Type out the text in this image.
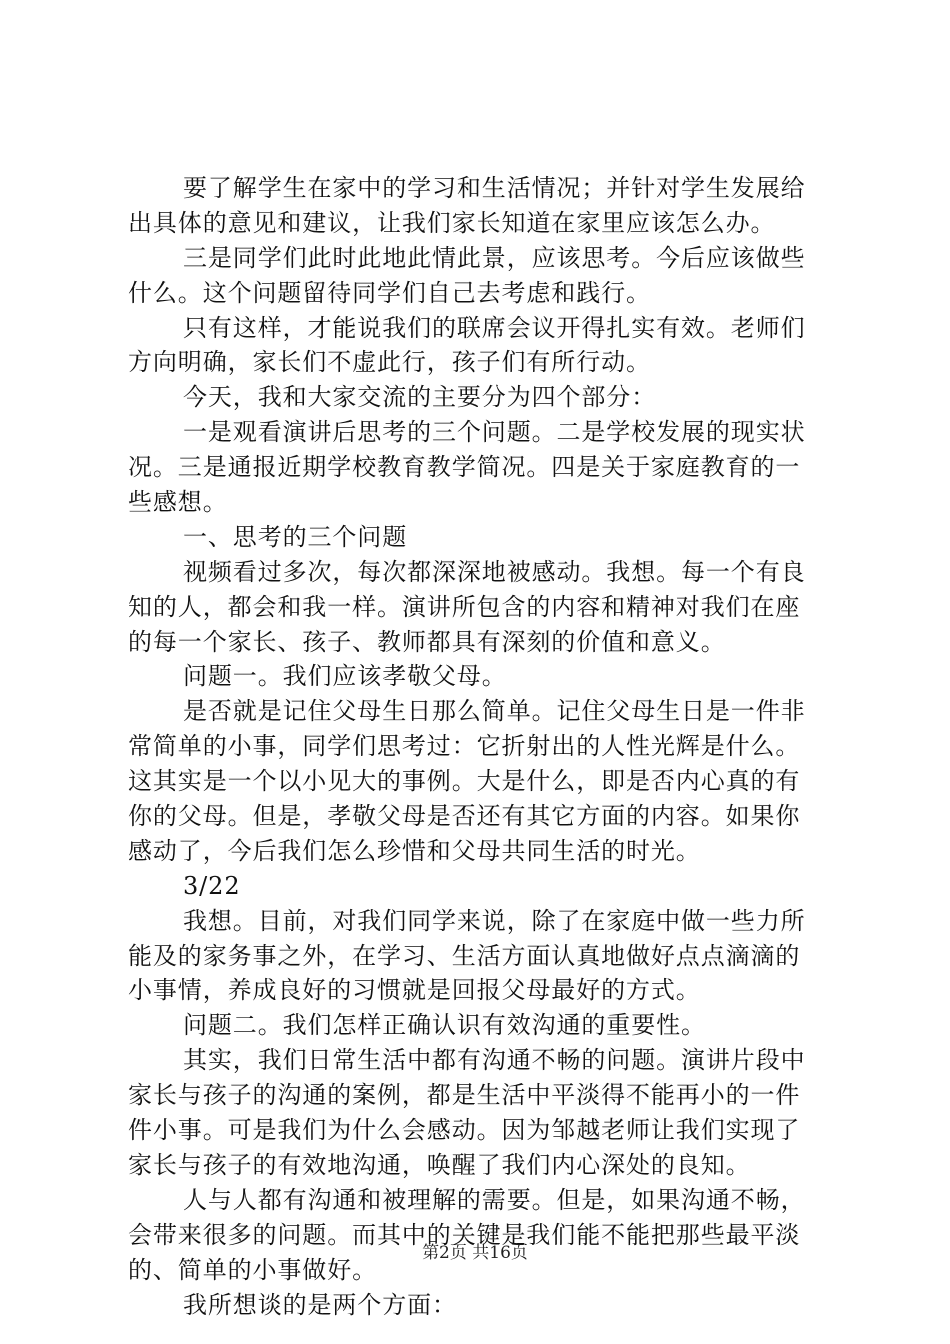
要了解学生在家中的学习和生活情况；并针对学生发展给
出具体的意见和建议，让我们家长知道在家里应该怎么办。
三是同学们此时此地此情此景，应该思考。今后应该做些
什么。这个问题留待同学们自己去考虑和践行。
只有这样，才能说我们的联席会议开得扎实有效。老师们
方向明确，家长们不虚此行，孩子们有所行动。
今天，我和大家交流的主要分为四个部分：
一是观看演讲后思考的三个问题。二是学校发展的现实状
况。三是通报近期学校教育教学简况。四是关于家庭教育的一
些感想。
一、思考的三个问题
视频看过多次，每次都深深地被感动。我想。每一个有良
知的人，都会和我一样。演讲所包含的内容和精神对我们在座
的每一个家长、孩子、教师都具有深刻的价值和意义。
问题一。我们应该孝敬父母。
是否就是记住父母生日那么简单。记住父母生日是一件非
常简单的小事，同学们思考过：它折射出的人性光辉是什么。
这其实是一个以小见大的事例。大是什么，即是否内心真的有
你的父母。但是，孝敬父母是否还有其它方面的内容。如果你
感动了，今后我们怎么珍惜和父母共同生活的时光。
3/22
我想。目前，对我们同学来说，除了在家庭中做一些力所
能及的家务事之外，在学习、生活方面认真地做好点点滴滴的
小事情，养成良好的习惯就是回报父母最好的方式。
问题二。我们怎样正确认识有效沟通的重要性。
其实，我们日常生活中都有沟通不畅的问题。演讲片段中
家长与孩子的沟通的案例，都是生活中平淡得不能再小的一件
件小事。可是我们为什么会感动。因为邹越老师让我们实现了
家长与孩子的有效地沟通，唤醒了我们内心深处的良知。
人与人都有沟通和被理解的需要。但是，如果沟通不畅，
会带来很多的问题。而其中的关键是我们能不能把那些最平淡
的、简单的小事做好。
我所想谈的是两个方面：
第2页 共16页
